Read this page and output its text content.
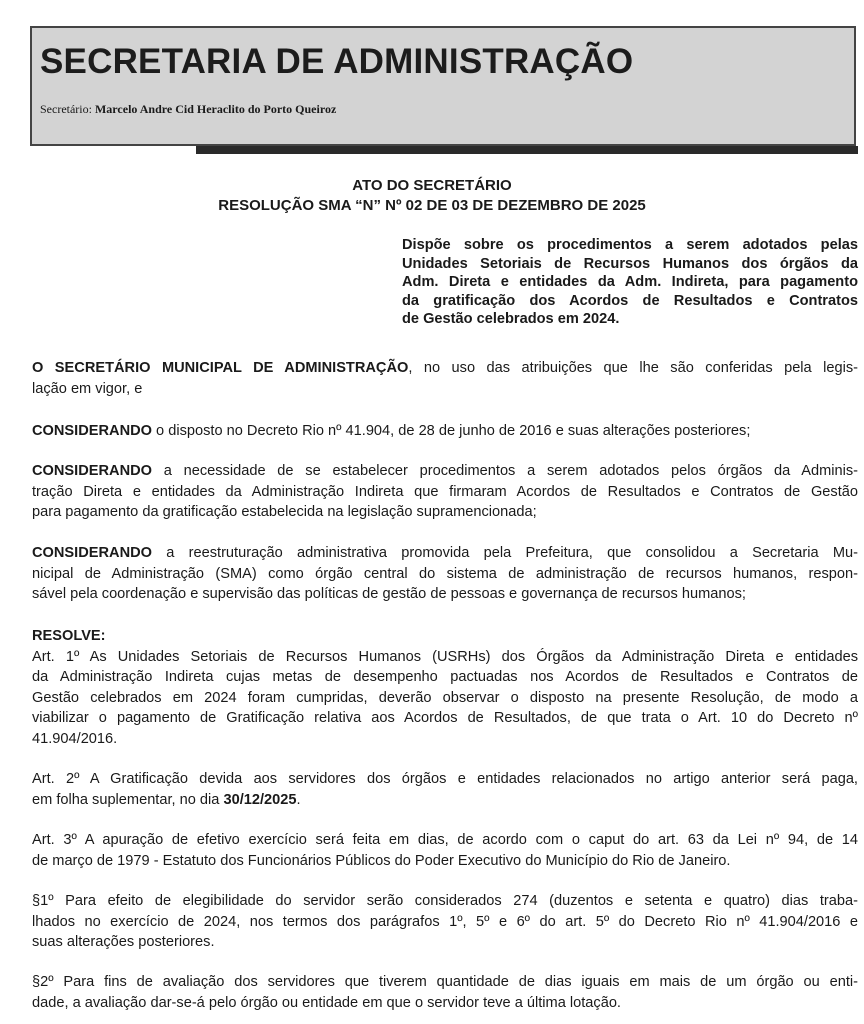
SECRETARIA DE ADMINISTRAÇÃO
Secretário: Marcelo Andre Cid Heraclito do Porto Queiroz
ATO DO SECRETÁRIO
RESOLUÇÃO SMA “N” Nº 02 DE 03 DE DEZEMBRO DE 2025
Dispõe sobre os procedimentos a serem adotados pelas
Unidades Setoriais de Recursos Humanos dos órgãos da
Adm. Direta e entidades da Adm. Indireta, para pagamento
da gratificação dos Acordos de Resultados e Contratos
de Gestão celebrados em 2024.
O SECRETÁRIO MUNICIPAL DE ADMINISTRAÇÃO, no uso das atribuições que lhe são conferidas pela legis-
lação em vigor, e
CONSIDERANDO o disposto no Decreto Rio nº 41.904, de 28 de junho de 2016 e suas alterações posteriores;
CONSIDERANDO a necessidade de se estabelecer procedimentos a serem adotados pelos órgãos da Adminis-
tração Direta e entidades da Administração Indireta que firmaram Acordos de Resultados e Contratos de Gestão
para pagamento da gratificação estabelecida na legislação supramencionada;
CONSIDERANDO a reestruturação administrativa promovida pela Prefeitura, que consolidou a Secretaria Mu-
nicipal de Administração (SMA) como órgão central do sistema de administração de recursos humanos, respon-
sável pela coordenação e supervisão das políticas de gestão de pessoas e governança de recursos humanos;
RESOLVE:
Art. 1º As Unidades Setoriais de Recursos Humanos (USRHs) dos Órgãos da Administração Direta e entidades
da Administração Indireta cujas metas de desempenho pactuadas nos Acordos de Resultados e Contratos de
Gestão celebrados em 2024 foram cumpridas, deverão observar o disposto na presente Resolução, de modo a
viabilizar o pagamento de Gratificação relativa aos Acordos de Resultados, de que trata o Art. 10 do Decreto nº
41.904/2016.
Art. 2º A Gratificação devida aos servidores dos órgãos e entidades relacionados no artigo anterior será paga,
em folha suplementar, no dia 30/12/2025.
Art. 3º A apuração de efetivo exercício será feita em dias, de acordo com o caput do art. 63 da Lei nº 94, de 14
de março de 1979 - Estatuto dos Funcionários Públicos do Poder Executivo do Município do Rio de Janeiro.
§1º Para efeito de elegibilidade do servidor serão considerados 274 (duzentos e setenta e quatro) dias traba-
lhados no exercício de 2024, nos termos dos parágrafos 1º, 5º e 6º do art. 5º do Decreto Rio nº 41.904/2016 e
suas alterações posteriores.
§2º Para fins de avaliação dos servidores que tiverem quantidade de dias iguais em mais de um órgão ou enti-
dade, a avaliação dar-se-á pelo órgão ou entidade em que o servidor teve a última lotação.
